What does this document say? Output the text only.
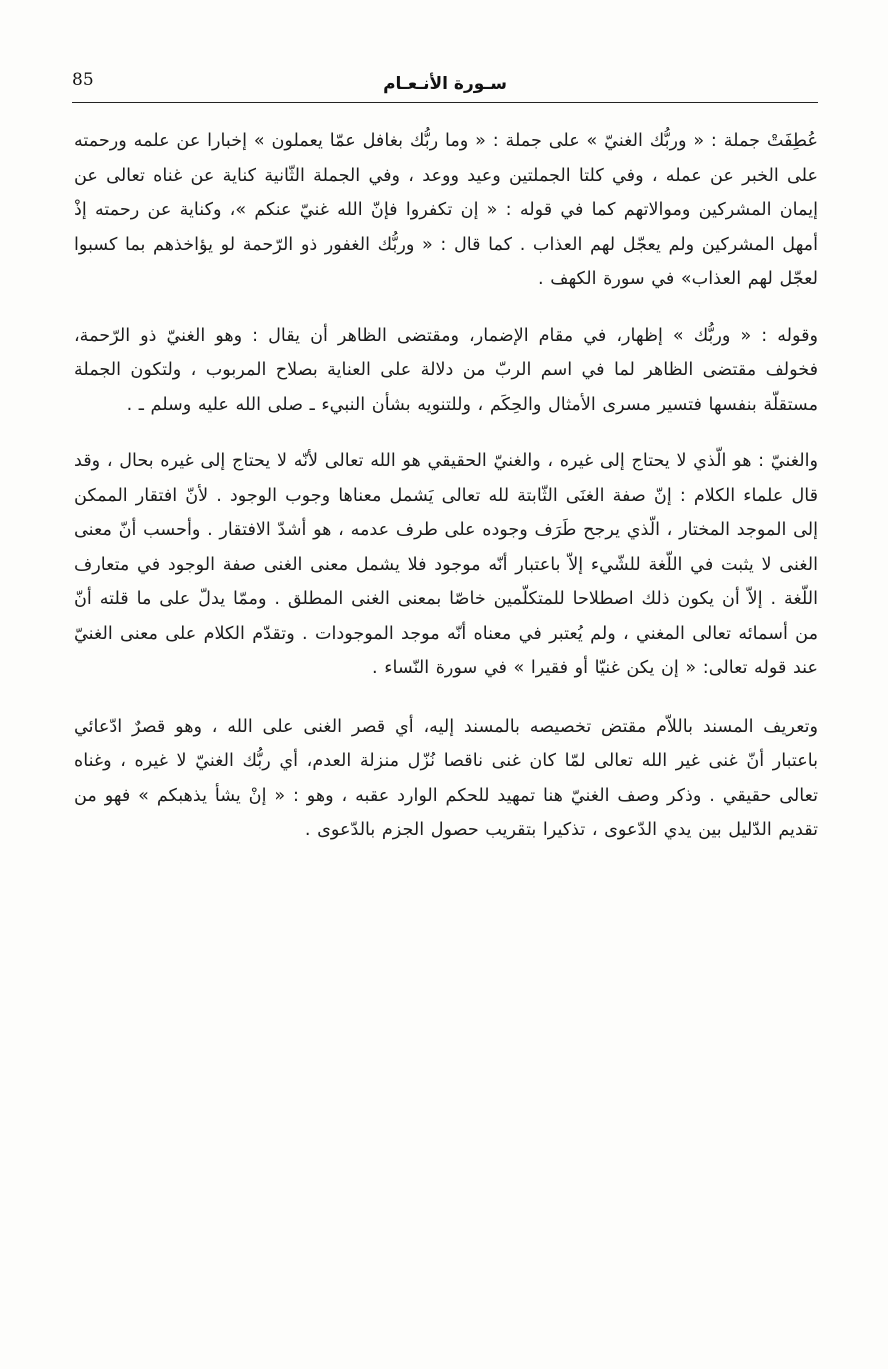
85	سـورة الأنـعـام

عُطِفَتْ جملة : « وربُّك الغنيّ » على جملة : « وما ربُّك بغافل عمّا يعملون » إخبارا عن علمه ورحمته على الخبر عن عمله ، وفي كلتا الجملتين وعيد ووعد ، وفي الجملة الثّانية كناية عن غناه تعالى عن إيمان المشركين وموالاتهم كما في قوله : « إن تكفروا فإنّ الله غنيّ عنكم »، وكناية عن رحمته إذْ أمهل المشركين ولم يعجّل لهم العذاب . كما قال : « وربُّك الغفور ذو الرّحمة لو يؤاخذهم بما كسبوا لعجّل لهم العذاب» في سورة الكهف .

وقوله : « وربُّك » إظهار، في مقام الإضمار، ومقتضى الظاهر أن يقال : وهو الغنيّ ذو الرّحمة، فخولف مقتضى الظاهر لما في اسم الربّ من دلالة على العناية بصلاح المربوب ، ولتكون الجملة مستقلّة بنفسها فتسير مسرى الأمثال والحِكَم ، وللتنويه بشأن النبيء ـ صلى الله عليه وسلم ـ .

والغنيّ : هو الّذي لا يحتاج إلى غيره ، والغنيّ الحقيقي هو الله تعالى لأنّه لا يحتاج إلى غيره بحال ، وقد قال علماء الكلام : إنّ صفة الغنَى الثّابتة لله تعالى يَشمل معناها وجوب الوجود . لأنّ افتقار الممكن إلى الموجد المختار ، الّذي يرجح طَرَف وجوده على طرف عدمه ، هو أشدّ الافتقار . وأحسب أنّ معنى الغنى لا يثبت في اللّغة للشّيء إلاّ باعتبار أنّه موجود فلا يشمل معنى الغنى صفة الوجود في متعارف اللّغة . إلاّ أن يكون ذلك اصطلاحا للمتكلّمين خاصّا بمعنى الغنى المطلق . وممّا يدلّ على ما قلته أنّ من أسمائه تعالى المغني ، ولم يُعتبر في معناه أنّه موجد الموجودات . وتقدّم الكلام على معنى الغنيّ عند قوله تعالى: « إن يكن غنيّا أو فقيرا » في سورة النّساء .

وتعريف المسند باللاّم مقتض تخصيصه بالمسند إليه، أي قصر الغنى على الله ، وهو قصرٌ ادّعائي باعتبار أنّ غنى غير الله تعالى لمّا كان غنى ناقصا نُزّل منزلة العدم، أي ربُّك الغنيّ لا غيره ، وغناه تعالى حقيقي . وذكر وصف الغنيّ هنا تمهيد للحكم الوارد عقبه ، وهو : « إنْ يشأ يذهبكم » فهو من تقديم الدّليل بين يدي الدّعوى ، تذكيرا بتقريب حصول الجزم بالدّعوى .
